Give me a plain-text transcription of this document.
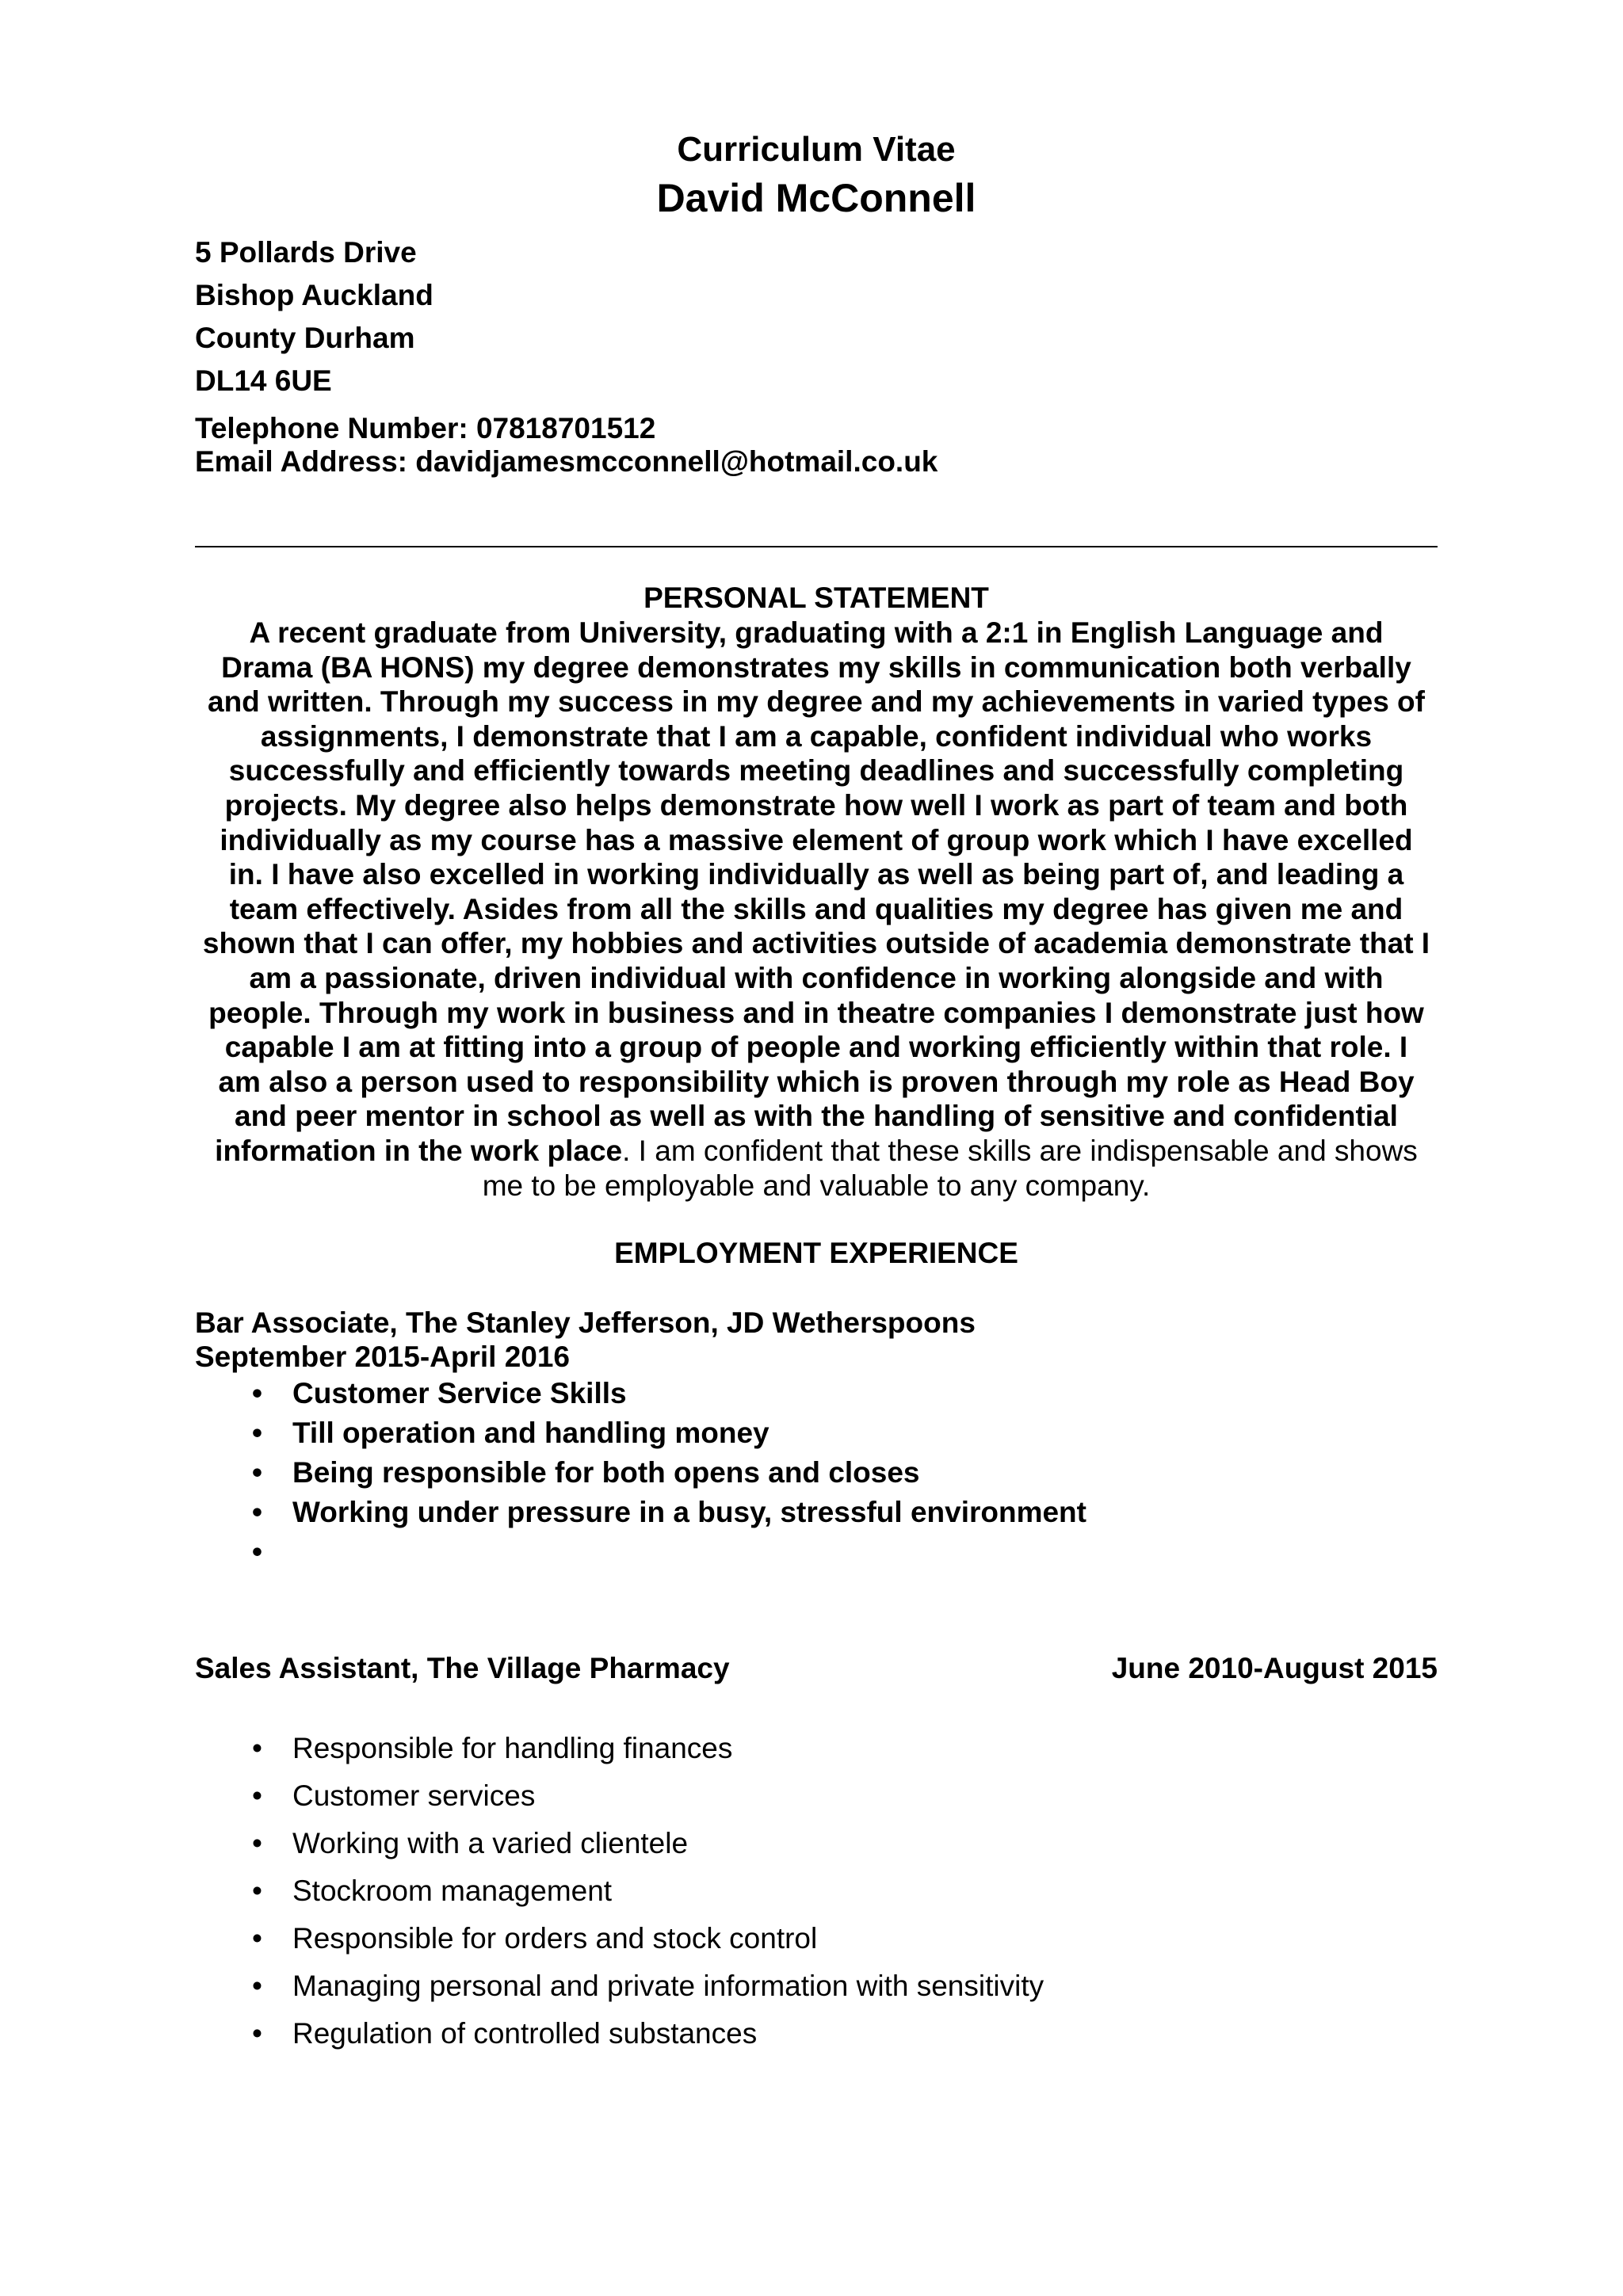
Curriculum Vitae

David McConnell

5 Pollards Drive

Bishop Auckland

County Durham

DL14 6UE

Telephone Number: 07818701512

Email Address: davidjamesmcconnell@hotmail.co.uk

PERSONAL STATEMENT

A recent graduate from University, graduating with a 2:1 in English Language and Drama (BA HONS) my degree demonstrates my skills in communication both verbally and written. Through my success in my degree and my achievements in varied types of assignments, I demonstrate that I am a capable, confident individual who works successfully and efficiently towards meeting deadlines and successfully completing projects. My degree also helps demonstrate how well I work as part of team and both individually as my course has a massive element of group work which I have excelled in. I have also excelled in working individually as well as being part of, and leading a team effectively. Asides from all the skills and qualities my degree has given me and shown that I can offer, my hobbies and activities outside of academia demonstrate that I am a passionate, driven individual with confidence in working alongside and with people. Through my work in business and in theatre companies I demonstrate just how capable I am at fitting into a group of people and working efficiently within that role. I am also a person used to responsibility which is proven through my role as Head Boy and peer mentor in school as well as with the handling of sensitive and confidential information in the work place. I am confident that these skills are indispensable and shows me to be employable and valuable to any company.

EMPLOYMENT EXPERIENCE

Bar Associate, The Stanley Jefferson, JD Wetherspoons

September 2015-April 2016

• Customer Service Skills
• Till operation and handling money
• Being responsible for both opens and closes
• Working under pressure in a busy, stressful environment
•
Sales Assistant, The Village Pharmacy	June 2010-August 2015
• Responsible for handling finances
• Customer services
• Working with a varied clientele
• Stockroom management
• Responsible for orders and stock control
• Managing personal and private information with sensitivity
• Regulation of controlled substances
